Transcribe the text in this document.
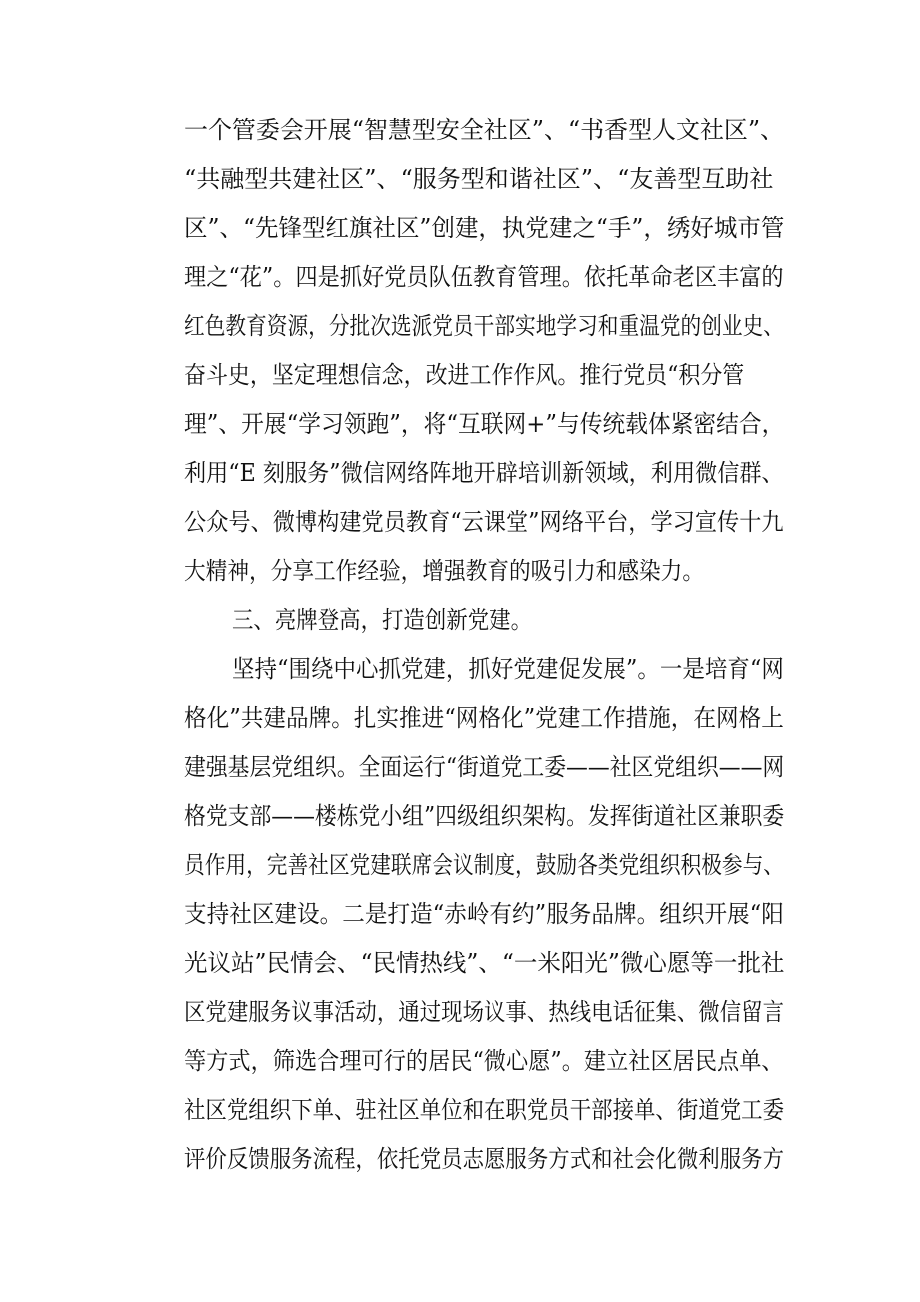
一个管委会开展“智慧型安全社区”、“书香型人文社区”、
“共融型共建社区”、“服务型和谐社区”、“友善型互助社
区”、“先锋型红旗社区”创建，执党建之“手”，绣好城市管
理之“花”。四是抓好党员队伍教育管理。依托革命老区丰富的
红色教育资源，分批次选派党员干部实地学习和重温党的创业史、
奋斗史，坚定理想信念，改进工作作风。推行党员“积分管
理”、开展“学习领跑”，将“互联网+”与传统载体紧密结合，
利用“E 刻服务”微信网络阵地开辟培训新领域，利用微信群、
公众号、微博构建党员教育“云课堂”网络平台，学习宣传十九
大精神，分享工作经验，增强教育的吸引力和感染力。
三、亮牌登高，打造创新党建。
坚持“围绕中心抓党建，抓好党建促发展”。一是培育“网
格化”共建品牌。扎实推进“网格化”党建工作措施，在网格上
建强基层党组织。全面运行“街道党工委——社区党组织——网
格党支部——楼栋党小组”四级组织架构。发挥街道社区兼职委
员作用，完善社区党建联席会议制度，鼓励各类党组织积极参与、
支持社区建设。二是打造“赤岭有约”服务品牌。组织开展“阳
光议站”民情会、“民情热线”、“一米阳光”微心愿等一批社
区党建服务议事活动，通过现场议事、热线电话征集、微信留言
等方式，筛选合理可行的居民“微心愿”。建立社区居民点单、
社区党组织下单、驻社区单位和在职党员干部接单、街道党工委
评价反馈服务流程，依托党员志愿服务方式和社会化微利服务方
